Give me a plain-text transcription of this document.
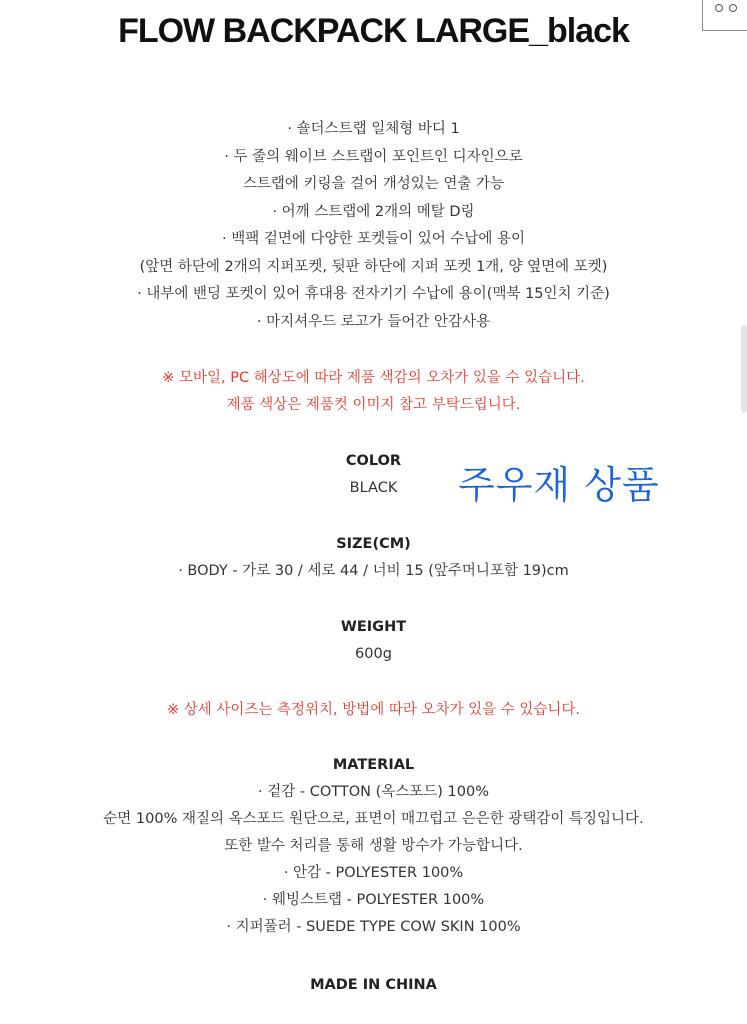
FLOW BACKPACK LARGE_black
· 숄더스트랩 일체형 바디 1
· 두 줄의 웨이브 스트랩이 포인트인 디자인으로
스트랩에 키링을 걸어 개성있는 연출 가능
· 어깨 스트랩에 2개의 메탈 D링
· 백팩 겉면에 다양한 포켓들이 있어 수납에 용이
(앞면 하단에 2개의 지퍼포켓, 뒷판 하단에 지퍼 포켓 1개, 양 옆면에 포켓)
· 내부에 밴딩 포켓이 있어 휴대용 전자기기 수납에 용이(맥북 15인치 기준)
· 마지셔우드 로고가 들어간 안감사용
※ 모바일, PC 해상도에 따라 제품 색감의 오차가 있을 수 있습니다.
제품 색상은 제품컷 이미지 참고 부탁드립니다.
COLOR
BLACK	주우재 상품
SIZE(CM)
· BODY - 가로 30 / 세로 44 / 너비 15 (앞주머니포함 19)cm
WEIGHT
600g
※ 상세 사이즈는 측정위치, 방법에 따라 오차가 있을 수 있습니다.
MATERIAL
· 겉감 - COTTON (옥스포드) 100%
순면 100% 재질의 옥스포드 원단으로, 표면이 매끄럽고 은은한 광택감이 특징입니다.
또한 발수 처리를 통해 생활 방수가 가능합니다.
· 안감 - POLYESTER 100%
· 웨빙스트랩 - POLYESTER 100%
· 지퍼풀러 - SUEDE TYPE COW SKIN 100%
MADE IN CHINA
